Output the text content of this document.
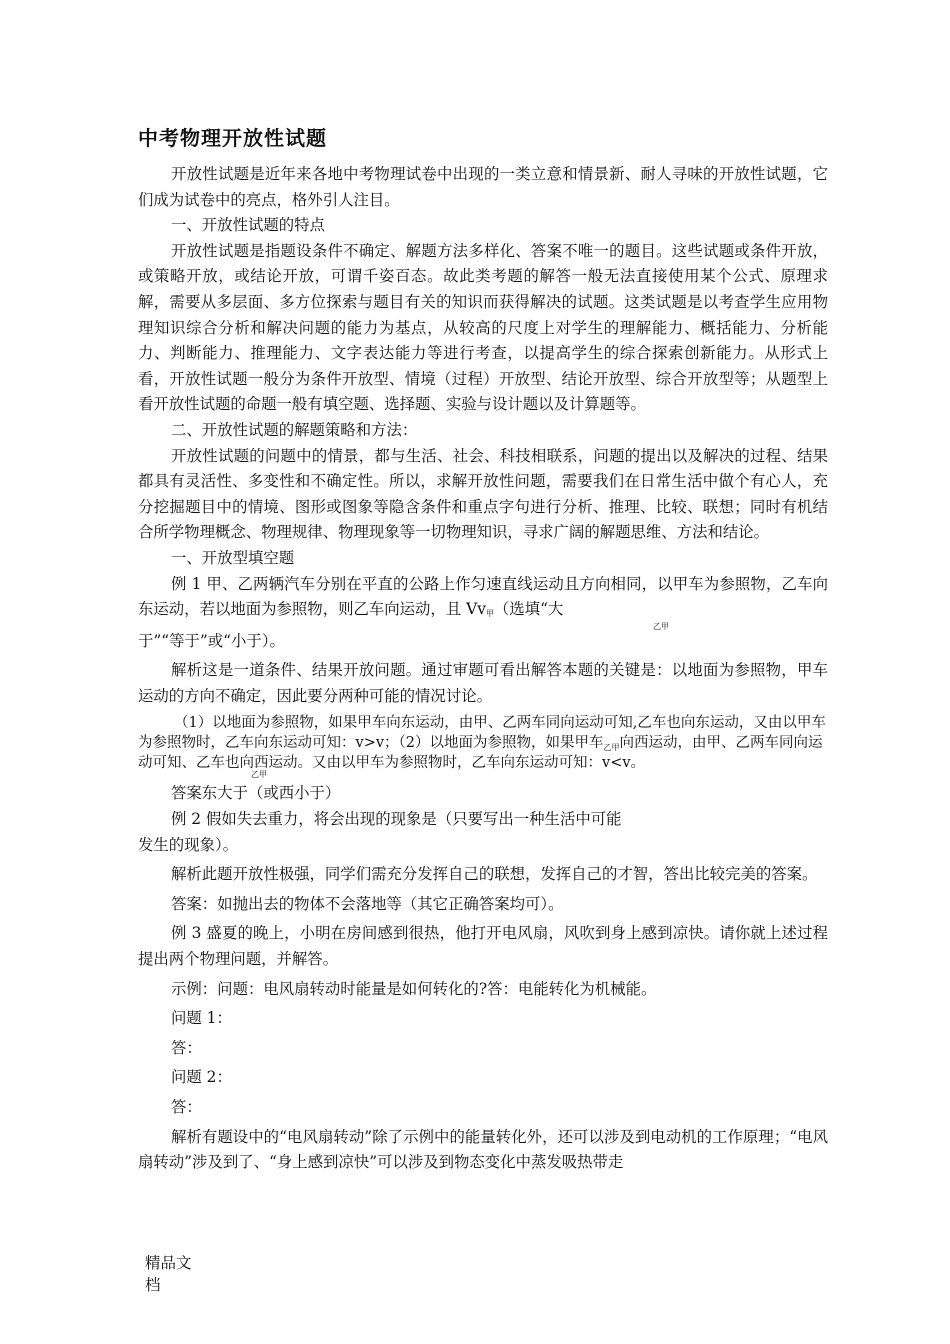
中考物理开放性试题

开放性试题是近年来各地中考物理试卷中出现的一类立意和情景新、耐人寻味的开放性试题，它们成为试卷中的亮点，格外引人注目。

一、开放性试题的特点

开放性试题是指题设条件不确定、解题方法多样化、答案不唯一的题目。这些试题或条件开放，或策略开放，或结论开放，可谓千姿百态。故此类考题的解答一般无法直接使用某个公式、原理求解，需要从多层面、多方位探索与题目有关的知识而获得解决的试题。这类试题是以考查学生应用物理知识综合分析和解决问题的能力为基点，从较高的尺度上对学生的理解能力、概括能力、分析能力、判断能力、推理能力、文字表达能力等进行考查，以提高学生的综合探索创新能力。从形式上看，开放性试题一般分为条件开放型、情境（过程）开放型、结论开放型、综合开放型等；从题型上看开放性试题的命题一般有填空题、选择题、实验与设计题以及计算题等。

二、开放性试题的解题策略和方法：

开放性试题的问题中的情景，都与生活、社会、科技相联系，问题的提出以及解决的过程、结果都具有灵活性、多变性和不确定性。所以，求解开放性问题，需要我们在日常生活中做个有心人，充分挖掘题目中的情境、图形或图象等隐含条件和重点字句进行分析、推理、比较、联想；同时有机结合所学物理概念、物理规律、物理现象等一切物理知识，寻求广阔的解题思维、方法和结论。

一、开放型填空题

例 1 甲、乙两辆汽车分别在平直的公路上作匀速直线运动且方向相同，以甲车为参照物，乙车向东运动，若以地面为参照物，则乙车向运动，且 Vv甲（选填“大

乙甲

于”“等于”或“小于）。

解析这是一道条件、结果开放问题。通过审题可看出解答本题的关键是：以地面为参照物，甲车运动的方向不确定，因此要分两种可能的情况讨论。

（1）以地面为参照物，如果甲车向东运动，由甲、乙两车同向运动可知,乙车也向东运动，又由以甲车为参照物时，乙车向东运动可知：v>v；（2）以地面为参照物，如果甲车$_{乙甲}$向西运动，由甲、乙两车同向运动可知、乙车也向西运动。又由以甲车为参照物时，乙车向东运动可知：v<v。

乙甲

答案东大于（或西小于）

例 2 假如失去重力，将会出现的现象是（只要写出一种生活中可能

发生的现象）。

解析此题开放性极强，同学们需充分发挥自己的联想，发挥自己的才智，答出比较完美的答案。

答案：如抛出去的物体不会落地等（其它正确答案均可）。

例 3 盛夏的晚上，小明在房间感到很热，他打开电风扇，风吹到身上感到凉快。请你就上述过程提出两个物理问题，并解答。

示例：问题：电风扇转动时能量是如何转化的?答：电能转化为机械能。

问题 1：

答：

问题 2：

答：

解析有题设中的“电风扇转动”除了示例中的能量转化外，还可以涉及到电动机的工作原理；“电风扇转动”涉及到了、“身上感到凉快”可以涉及到物态变化中蒸发吸热带走

精品文
档
